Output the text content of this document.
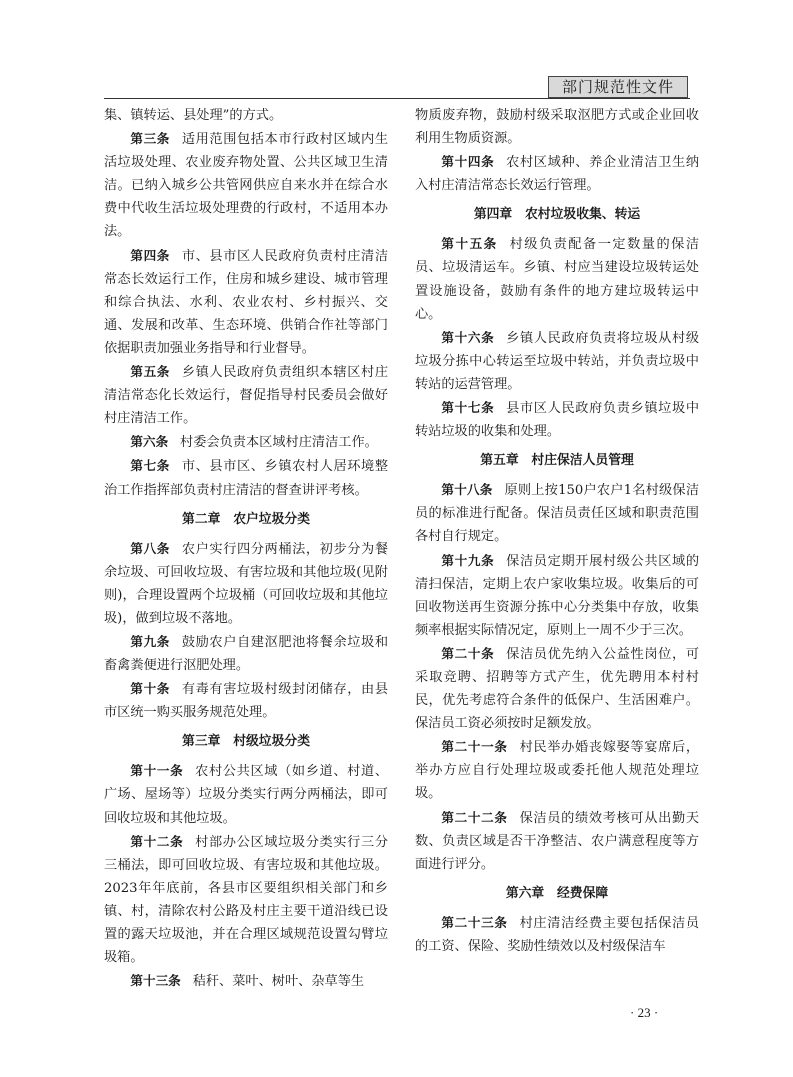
部门规范性文件

集、镇转运、县处理”的方式。

第三条 适用范围包括本市行政村区域内生活垃圾处理、农业废弃物处置、公共区域卫生清洁。已纳入城乡公共管网供应自来水并在综合水费中代收生活垃圾处理费的行政村，不适用本办法。

第四条 市、县市区人民政府负责村庄清洁常态长效运行工作，住房和城乡建设、城市管理和综合执法、水利、农业农村、乡村振兴、交通、发展和改革、生态环境、供销合作社等部门依据职责加强业务指导和行业督导。

第五条 乡镇人民政府负责组织本辖区村庄清洁常态化长效运行，督促指导村民委员会做好村庄清洁工作。

第六条 村委会负责本区域村庄清洁工作。

第七条 市、县市区、乡镇农村人居环境整治工作指挥部负责村庄清洁的督查讲评考核。

第二章　农户垃圾分类

第八条 农户实行四分两桶法，初步分为餐余垃圾、可回收垃圾、有害垃圾和其他垃圾(见附则)，合理设置两个垃圾桶（可回收垃圾和其他垃圾)，做到垃圾不落地。

第九条 鼓励农户自建沤肥池将餐余垃圾和畜禽粪便进行沤肥处理。

第十条 有毒有害垃圾村级封闭储存，由县市区统一购买服务规范处理。

第三章　村级垃圾分类

第十一条 农村公共区域（如乡道、村道、广场、屋场等）垃圾分类实行两分两桶法，即可回收垃圾和其他垃圾。

第十二条 村部办公区域垃圾分类实行三分三桶法，即可回收垃圾、有害垃圾和其他垃圾。2023年年底前，各县市区要组织相关部门和乡镇、村，清除农村公路及村庄主要干道沿线已设置的露天垃圾池，并在合理区域规范设置勾臂垃圾箱。

第十三条 秸秆、菜叶、树叶、杂草等生

物质废弃物，鼓励村级采取沤肥方式或企业回收利用生物质资源。

第十四条 农村区域种、养企业清洁卫生纳入村庄清洁常态长效运行管理。

第四章　农村垃圾收集、转运

第十五条 村级负责配备一定数量的保洁员、垃圾清运车。乡镇、村应当建设垃圾转运处置设施设备，鼓励有条件的地方建垃圾转运中心。

第十六条 乡镇人民政府负责将垃圾从村级垃圾分拣中心转运至垃圾中转站，并负责垃圾中转站的运营管理。

第十七条 县市区人民政府负责乡镇垃圾中转站垃圾的收集和处理。

第五章　村庄保洁人员管理

第十八条 原则上按150户农户1名村级保洁员的标准进行配备。保洁员责任区域和职责范围各村自行规定。

第十九条 保洁员定期开展村级公共区域的清扫保洁，定期上农户家收集垃圾。收集后的可回收物送再生资源分拣中心分类集中存放，收集频率根据实际情况定，原则上一周不少于三次。

第二十条 保洁员优先纳入公益性岗位，可采取竞聘、招聘等方式产生，优先聘用本村村民，优先考虑符合条件的低保户、生活困难户。保洁员工资必须按时足额发放。

第二十一条 村民举办婚丧嫁娶等宴席后，举办方应自行处理垃圾或委托他人规范处理垃圾。

第二十二条 保洁员的绩效考核可从出勤天数、负责区域是否干净整洁、农户满意程度等方面进行评分。

第六章　经费保障

第二十三条 村庄清洁经费主要包括保洁员的工资、保险、奖励性绩效以及村级保洁车

· 23 ·
